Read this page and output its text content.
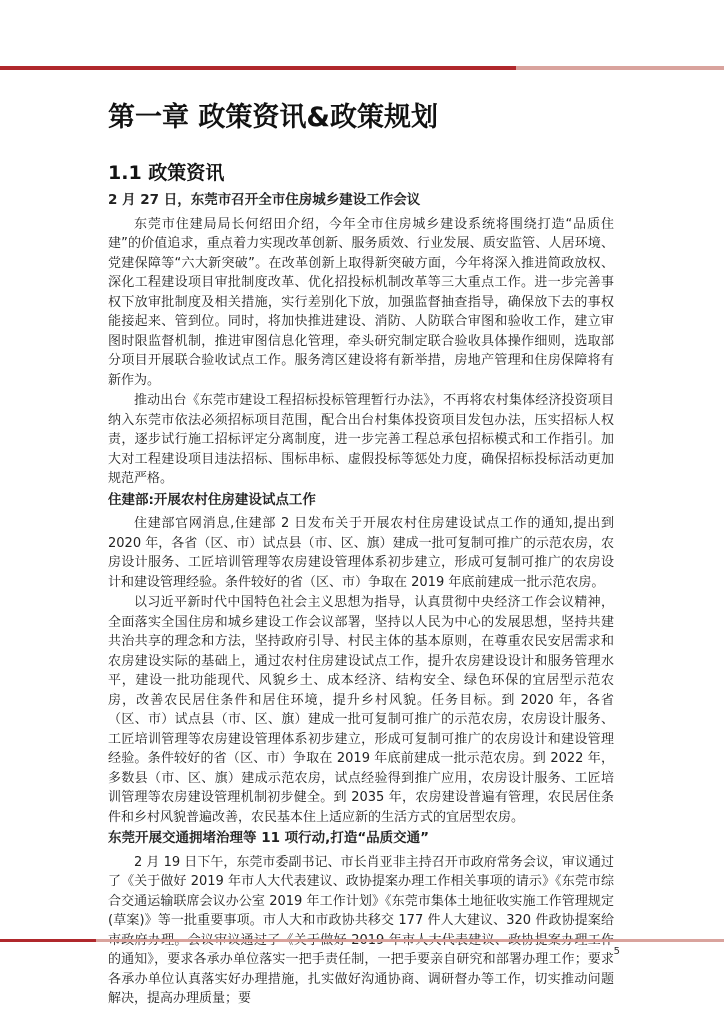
第一章 政策资讯&政策规划
1.1 政策资讯
2 月 27 日，东莞市召开全市住房城乡建设工作会议

东莞市住建局局长何绍田介绍，今年全市住房城乡建设系统将围绕打造“品质住建”的价值追求，重点着力实现改革创新、服务质效、行业发展、质安监管、人居环境、党建保障等“六大新突破”。在改革创新上取得新突破方面，今年将深入推进简政放权、深化工程建设项目审批制度改革、优化招投标机制改革等三大重点工作。进一步完善事权下放审批制度及相关措施，实行差别化下放，加强监督抽查指导，确保放下去的事权能接起来、管到位。同时，将加快推进建设、消防、人防联合审图和验收工作，建立审图时限监督机制，推进审图信息化管理，牵头研究制定联合验收具体操作细则，选取部分项目开展联合验收试点工作。服务湾区建设将有新举措，房地产管理和住房保障将有新作为。

推动出台《东莞市建设工程招标投标管理暂行办法》，不再将农村集体经济投资项目纳入东莞市依法必须招标项目范围，配合出台村集体投资项目发包办法，压实招标人权责，逐步试行施工招标评定分离制度，进一步完善工程总承包招标模式和工作指引。加大对工程建设项目违法招标、围标串标、虚假投标等惩处力度，确保招标投标活动更加规范严格。

住建部:开展农村住房建设试点工作

住建部官网消息,住建部 2 日发布关于开展农村住房建设试点工作的通知,提出到 2020 年，各省（区、市）试点县（市、区、旗）建成一批可复制可推广的示范农房，农房设计服务、工匠培训管理等农房建设管理体系初步建立，形成可复制可推广的农房设计和建设管理经验。条件较好的省（区、市）争取在 2019 年底前建成一批示范农房。

以习近平新时代中国特色社会主义思想为指导，认真贯彻中央经济工作会议精神，全面落实全国住房和城乡建设工作会议部署，坚持以人民为中心的发展思想，坚持共建共治共享的理念和方法，坚持政府引导、村民主体的基本原则，在尊重农民安居需求和农房建设实际的基础上，通过农村住房建设试点工作，提升农房建设设计和服务管理水平，建设一批功能现代、风貌乡土、成本经济、结构安全、绿色环保的宜居型示范农房，改善农民居住条件和居住环境，提升乡村风貌。任务目标。到 2020 年，各省（区、市）试点县（市、区、旗）建成一批可复制可推广的示范农房，农房设计服务、工匠培训管理等农房建设管理体系初步建立，形成可复制可推广的农房设计和建设管理经验。条件较好的省（区、市）争取在 2019 年底前建成一批示范农房。到 2022 年，多数县（市、区、旗）建成示范农房，试点经验得到推广应用，农房设计服务、工匠培训管理等农房建设管理机制初步健全。到 2035 年，农房建设普遍有管理，农民居住条件和乡村风貌普遍改善，农民基本住上适应新的生活方式的宜居型农房。

东莞开展交通拥堵治理等 11 项行动,打造“品质交通”

2 月 19 日下午，东莞市委副书记、市长肖亚非主持召开市政府常务会议，审议通过了《关于做好 2019 年市人大代表建议、政协提案办理工作相关事项的请示》《东莞市综合交通运输联席会议办公室 2019 年工作计划》《东莞市集体土地征收实施工作管理规定(草案)》等一批重要事项。市人大和市政协共移交 177 件人大建议、320 件政协提案给 的通知》，要求各承办单位落实一把手责任制，一把手要亲自研究和部署办理工作；要求各承办单位认真落实好办理措施，扎实做好沟通协商、调研督办等工作，切实推动问题解决，提高办理质量；要

5
